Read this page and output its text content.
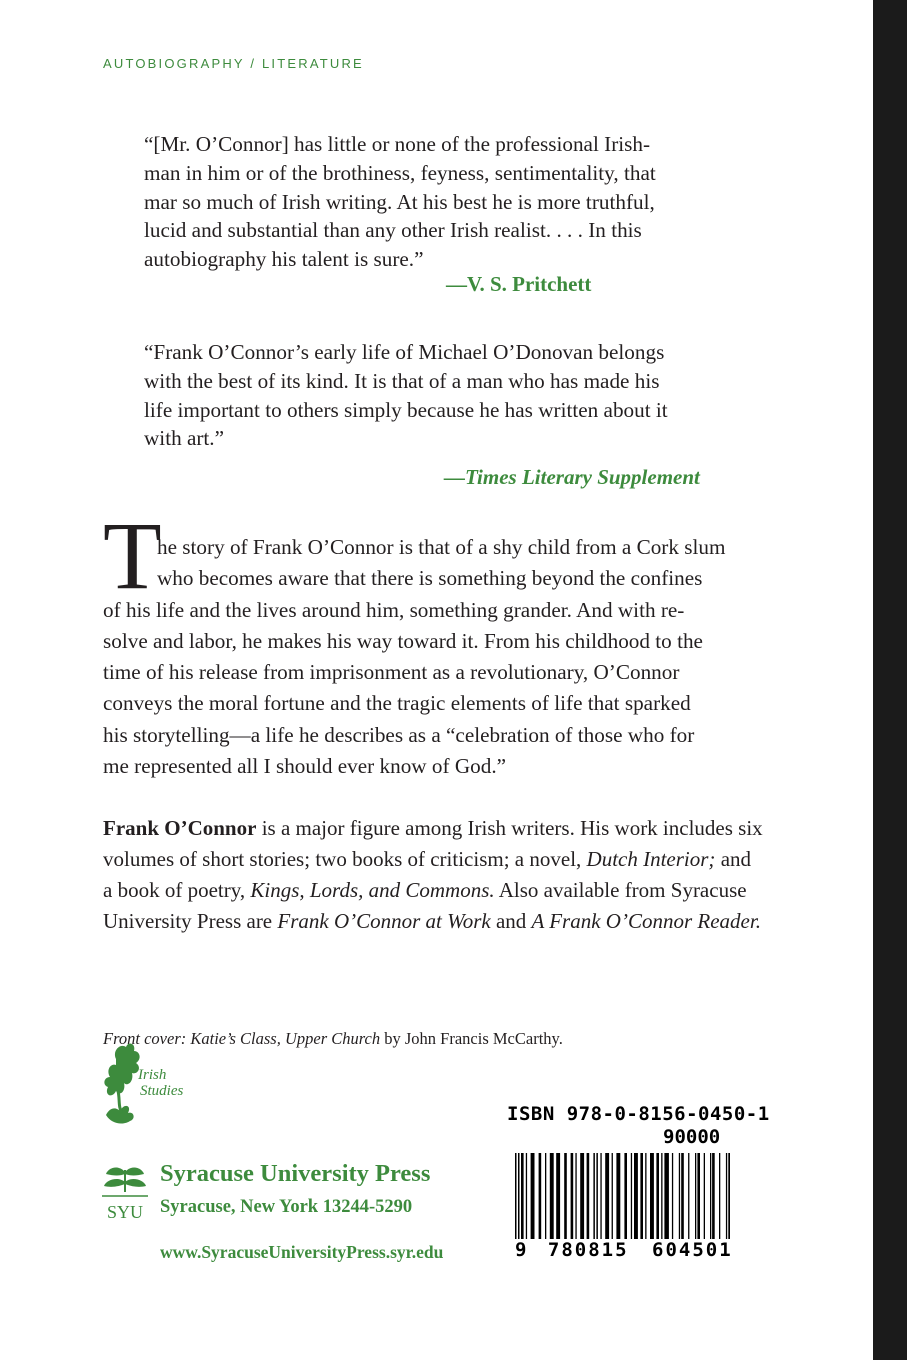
AUTOBIOGRAPHY / LITERATURE
“[Mr. O’Connor] has little or none of the professional Irish-
man in him or of the brothiness, feyness, sentimentality, that
mar so much of Irish writing. At his best he is more truthful,
lucid and substantial than any other Irish realist. . . . In this
autobiography his talent is sure.”
—V. S. Pritchett
“Frank O’Connor’s early life of Michael O’Donovan belongs
with the best of its kind. It is that of a man who has made his
life important to others simply because he has written about it
with art.”
—Times Literary Supplement
T
he story of Frank O’Connor is that of a shy child from a Cork slum
who becomes aware that there is something beyond the confines
of his life and the lives around him, something grander. And with re-
solve and labor, he makes his way toward it. From his childhood to the
time of his release from imprisonment as a revolutionary, O’Connor
conveys the moral fortune and the tragic elements of life that sparked
his storytelling—a life he describes as a “celebration of those who for
me represented all I should ever know of God.”
Frank O’Connor is a major figure among Irish writers. His work includes six
volumes of short stories; two books of criticism; a novel, Dutch Interior; and
a book of poetry, Kings, Lords, and Commons. Also available from Syracuse
University Press are Frank O’Connor at Work and A Frank O’Connor Reader.
Front cover: Katie’s Class, Upper Church by John Francis McCarthy.
Irish
Studies
SYU
Syracuse University Press
Syracuse, New York 13244-5290
www.SyracuseUniversityPress.syr.edu
ISBN 978-0-8156-0450-1
90000
9 780815 604501
